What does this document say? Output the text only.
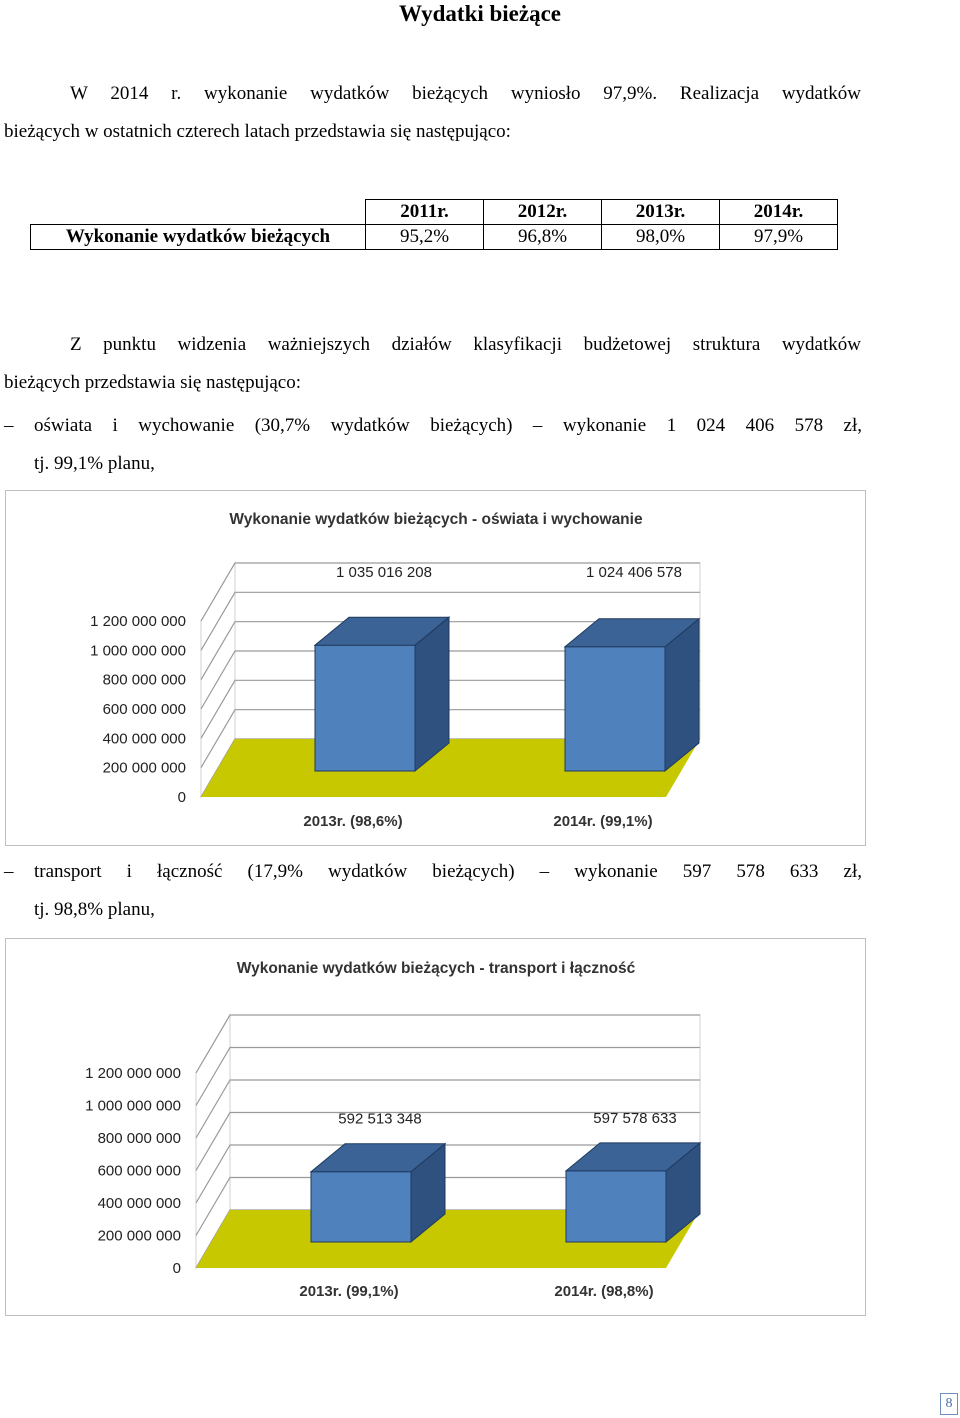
Wydatki bieżące
W 2014 r. wykonanie wydatków bieżących wyniosło 97,9%. Realizacja wydatków
bieżących w ostatnich czterech latach przedstawia się następująco:
	2011r.	2012r.	2013r.	2014r.
Wykonanie wydatków bieżących	95,2%	96,8%	98,0%	97,9%
Z punktu widzenia ważniejszych działów klasyfikacji budżetowej struktura wydatków
bieżących przedstawia się następująco:
–	oświata i wychowanie (30,7% wydatków bieżących) – wykonanie 1 024 406 578 zł,
tj. 99,1% planu,
0
200 000 000
400 000 000
600 000 000
800 000 000
1 000 000 000
1 200 000 000
Wykonanie wydatków bieżących - oświata i wychowanie
1 035 016 208
2013r. (98,6%)
1 024 406 578
2014r. (99,1%)
–	transport i łączność (17,9% wydatków bieżących) – wykonanie 597 578 633 zł,
tj. 98,8% planu,
0
200 000 000
400 000 000
600 000 000
800 000 000
1 000 000 000
1 200 000 000
Wykonanie wydatków bieżących - transport i łączność
592 513 348
2013r. (99,1%)
597 578 633
2014r. (98,8%)
8
